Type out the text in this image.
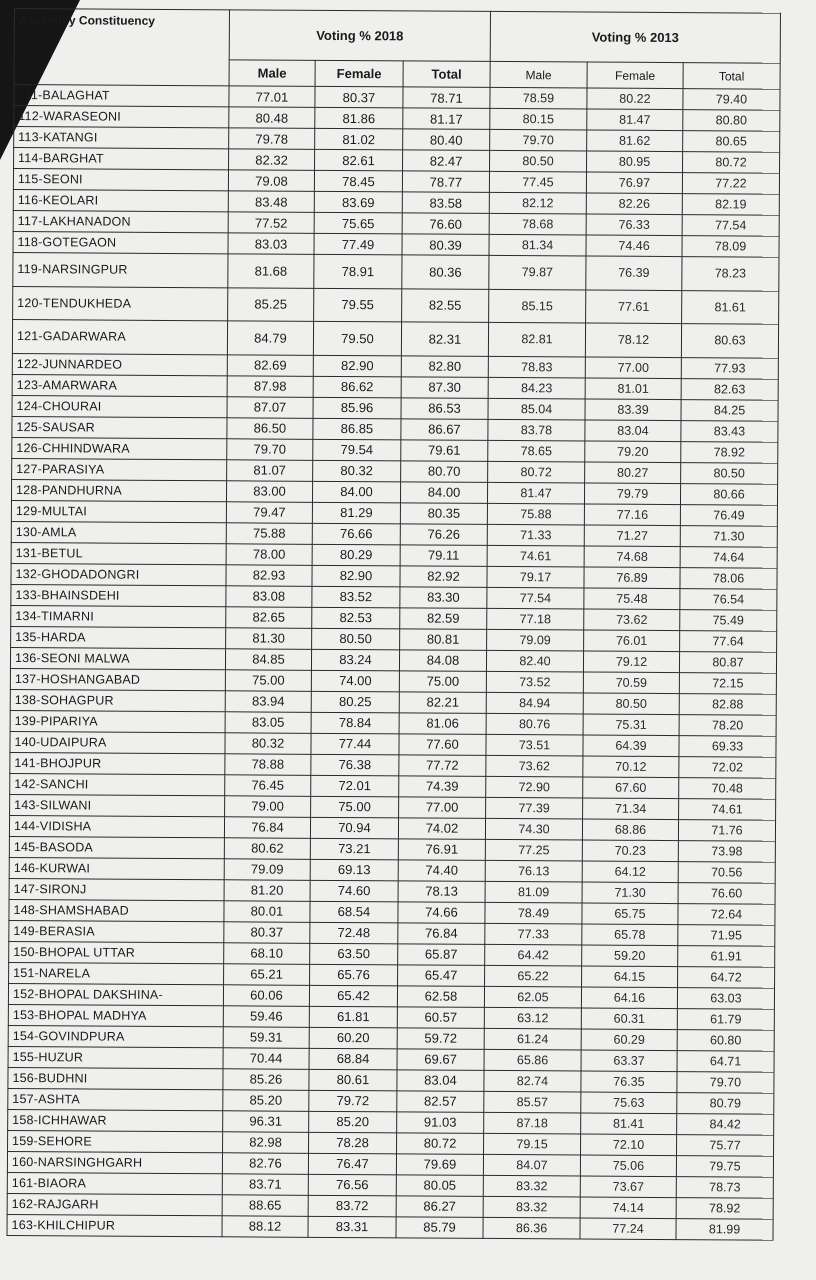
Assembly Constituency	Voting % 2018			Voting % 2013		
	Male	Female	Total	Male	Female	Total
111-BALAGHAT	77.01	80.37	78.71	78.59	80.22	79.40
112-WARASEONI	80.48	81.86	81.17	80.15	81.47	80.80
113-KATANGI	79.78	81.02	80.40	79.70	81.62	80.65
114-BARGHAT	82.32	82.61	82.47	80.50	80.95	80.72
115-SEONI	79.08	78.45	78.77	77.45	76.97	77.22
116-KEOLARI	83.48	83.69	83.58	82.12	82.26	82.19
117-LAKHANADON	77.52	75.65	76.60	78.68	76.33	77.54
118-GOTEGAON	83.03	77.49	80.39	81.34	74.46	78.09
119-NARSINGPUR	81.68	78.91	80.36	79.87	76.39	78.23
120-TENDUKHEDA	85.25	79.55	82.55	85.15	77.61	81.61
121-GADARWARA	84.79	79.50	82.31	82.81	78.12	80.63
122-JUNNARDEO	82.69	82.90	82.80	78.83	77.00	77.93
123-AMARWARA	87.98	86.62	87.30	84.23	81.01	82.63
124-CHOURAI	87.07	85.96	86.53	85.04	83.39	84.25
125-SAUSAR	86.50	86.85	86.67	83.78	83.04	83.43
126-CHHINDWARA	79.70	79.54	79.61	78.65	79.20	78.92
127-PARASIYA	81.07	80.32	80.70	80.72	80.27	80.50
128-PANDHURNA	83.00	84.00	84.00	81.47	79.79	80.66
129-MULTAI	79.47	81.29	80.35	75.88	77.16	76.49
130-AMLA	75.88	76.66	76.26	71.33	71.27	71.30
131-BETUL	78.00	80.29	79.11	74.61	74.68	74.64
132-GHODADONGRI	82.93	82.90	82.92	79.17	76.89	78.06
133-BHAINSDEHI	83.08	83.52	83.30	77.54	75.48	76.54
134-TIMARNI	82.65	82.53	82.59	77.18	73.62	75.49
135-HARDA	81.30	80.50	80.81	79.09	76.01	77.64
136-SEONI MALWA	84.85	83.24	84.08	82.40	79.12	80.87
137-HOSHANGABAD	75.00	74.00	75.00	73.52	70.59	72.15
138-SOHAGPUR	83.94	80.25	82.21	84.94	80.50	82.88
139-PIPARIYA	83.05	78.84	81.06	80.76	75.31	78.20
140-UDAIPURA	80.32	77.44	77.60	73.51	64.39	69.33
141-BHOJPUR	78.88	76.38	77.72	73.62	70.12	72.02
142-SANCHI	76.45	72.01	74.39	72.90	67.60	70.48
143-SILWANI	79.00	75.00	77.00	77.39	71.34	74.61
144-VIDISHA	76.84	70.94	74.02	74.30	68.86	71.76
145-BASODA	80.62	73.21	76.91	77.25	70.23	73.98
146-KURWAI	79.09	69.13	74.40	76.13	64.12	70.56
147-SIRONJ	81.20	74.60	78.13	81.09	71.30	76.60
148-SHAMSHABAD	80.01	68.54	74.66	78.49	65.75	72.64
149-BERASIA	80.37	72.48	76.84	77.33	65.78	71.95
150-BHOPAL UTTAR	68.10	63.50	65.87	64.42	59.20	61.91
151-NARELA	65.21	65.76	65.47	65.22	64.15	64.72
152-BHOPAL DAKSHINA-	60.06	65.42	62.58	62.05	64.16	63.03
153-BHOPAL MADHYA	59.46	61.81	60.57	63.12	60.31	61.79
154-GOVINDPURA	59.31	60.20	59.72	61.24	60.29	60.80
155-HUZUR	70.44	68.84	69.67	65.86	63.37	64.71
156-BUDHNI	85.26	80.61	83.04	82.74	76.35	79.70
157-ASHTA	85.20	79.72	82.57	85.57	75.63	80.79
158-ICHHAWAR	96.31	85.20	91.03	87.18	81.41	84.42
159-SEHORE	82.98	78.28	80.72	79.15	72.10	75.77
160-NARSINGHGARH	82.76	76.47	79.69	84.07	75.06	79.75
161-BIAORA	83.71	76.56	80.05	83.32	73.67	78.73
162-RAJGARH	88.65	83.72	86.27	83.32	74.14	78.92
163-KHILCHIPUR	88.12	83.31	85.79	86.36	77.24	81.99
